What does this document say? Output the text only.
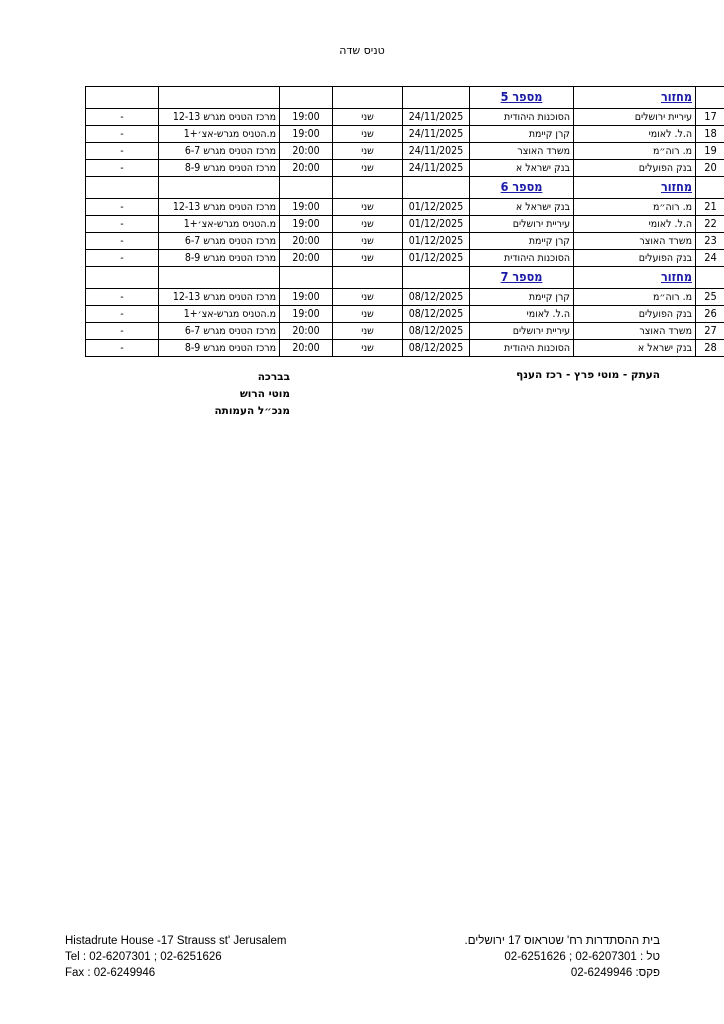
טניס שדה
	מחזור	מספר 5					
17	עיריית ירושלים	הסוכנות היהודית	24/11/2025	שני	19:00	מרכז הטניס מגרש 12-13	-
18	ה.ל. לאומי	קרן קיימת	24/11/2025	שני	19:00	מ.הטניס מגרש-אצ׳+1	-
19	מ. רוה״מ	משרד האוצר	24/11/2025	שני	20:00	מרכז הטניס מגרש 6-7	-
20	בנק הפועלים	בנק ישראל א	24/11/2025	שני	20:00	מרכז הטניס מגרש 8-9	-
	מחזור	מספר 6					
21	מ. רוה״מ	בנק ישראל א	01/12/2025	שני	19:00	מרכז הטניס מגרש 12-13	-
22	ה.ל. לאומי	עיריית ירושלים	01/12/2025	שני	19:00	מ.הטניס מגרש-אצ׳+1	-
23	משרד האוצר	קרן קיימת	01/12/2025	שני	20:00	מרכז הטניס מגרש 6-7	-
24	בנק הפועלים	הסוכנות היהודית	01/12/2025	שני	20:00	מרכז הטניס מגרש 8-9	-
	מחזור	מספר 7					
25	מ. רוה״מ	קרן קיימת	08/12/2025	שני	19:00	מרכז הטניס מגרש 12-13	-
26	בנק הפועלים	ה.ל. לאומי	08/12/2025	שני	19:00	מ.הטניס מגרש-אצ׳+1	-
27	משרד האוצר	עיריית ירושלים	08/12/2025	שני	20:00	מרכז הטניס מגרש 6-7	-
28	בנק ישראל א	הסוכנות היהודית	08/12/2025	שני	20:00	מרכז הטניס מגרש 8-9	-
העתק - מוטי פרץ - רכז הענף
בברכה
מוטי הרוש
מנכ״ל העמותה
Histadrute House -17 Strauss st' Jerusalem
Tel : 02-6207301 ; 02-6251626
Fax : 02-6249946
בית ההסתדרות רח' שטראוס 17 ירושלים.
טל : 02-6207301 ; 02-6251626
פקס: 02-6249946
